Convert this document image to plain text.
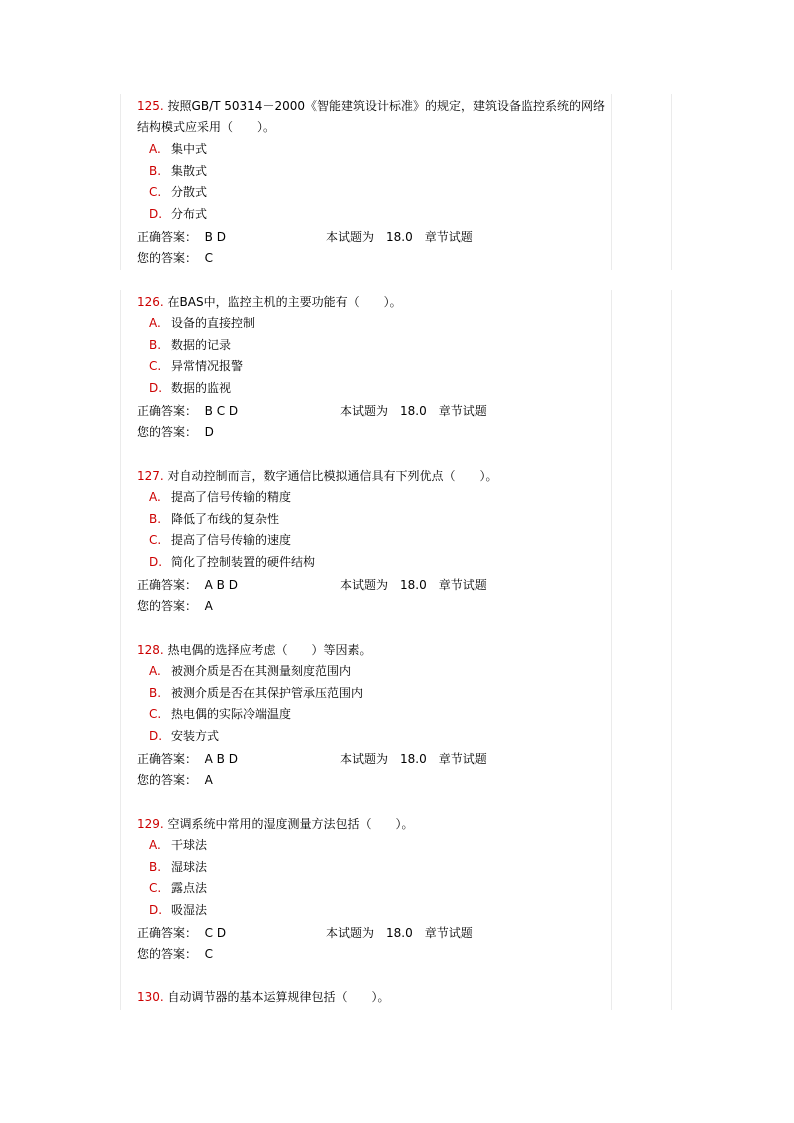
125. 按照GB/T 50314－2000《智能建筑设计标准》的规定，建筑设备监控系统的网络结构模式应采用（　　）。
A. 集中式
B. 集散式
C. 分散式
D. 分布式
正确答案： B D	本试题为　18.0　章节试题
您的答案： C
126. 在BAS中，监控主机的主要功能有（　　）。
A. 设备的直接控制
B. 数据的记录
C. 异常情况报警
D. 数据的监视
正确答案： B C D	本试题为　18.0　章节试题
您的答案： D
127. 对自动控制而言，数字通信比模拟通信具有下列优点（　　）。
A. 提高了信号传输的精度
B. 降低了布线的复杂性
C. 提高了信号传输的速度
D. 简化了控制装置的硬件结构
正确答案： A B D	本试题为　18.0　章节试题
您的答案： A
128. 热电偶的选择应考虑（　　）等因素。
A. 被测介质是否在其测量刻度范围内
B. 被测介质是否在其保护管承压范围内
C. 热电偶的实际冷端温度
D. 安装方式
正确答案： A B D	本试题为　18.0　章节试题
您的答案： A
129. 空调系统中常用的湿度测量方法包括（　　）。
A. 干球法
B. 湿球法
C. 露点法
D. 吸湿法
正确答案： C D	本试题为　18.0　章节试题
您的答案： C
130. 自动调节器的基本运算规律包括（　　）。
